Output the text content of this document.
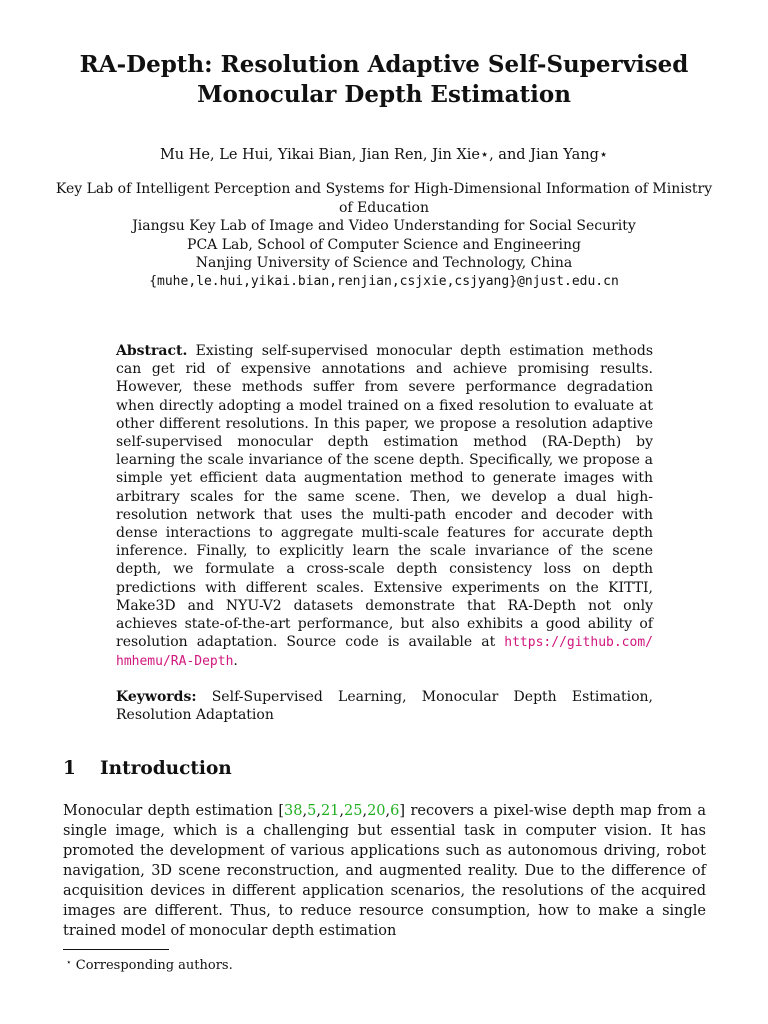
RA-Depth: Resolution Adaptive Self-Supervised
Monocular Depth Estimation
Mu He, Le Hui, Yikai Bian, Jian Ren, Jin Xie⋆, and Jian Yang⋆
Key Lab of Intelligent Perception and Systems for High-Dimensional Information of Ministry of Education
Jiangsu Key Lab of Image and Video Understanding for Social Security
PCA Lab, School of Computer Science and Engineering
Nanjing University of Science and Technology, China
{muhe,le.hui,yikai.bian,renjian,csjxie,csjyang}@njust.edu.cn

Abstract. Existing self-supervised monocular depth estimation methods can get rid of expensive annotations and achieve promising results. However, these methods suffer from severe performance degradation when directly adopting a model trained on a fixed resolution to evaluate at other different resolutions. In this paper, we propose a resolution adaptive self-supervised monocular depth estimation method (RA-Depth) by learning the scale invariance of the scene depth. Specifically, we propose a simple yet efficient data augmentation method to generate images with arbitrary scales for the same scene. Then, we develop a dual high-resolution network that uses the multi-path encoder and decoder with dense interactions to aggregate multi-scale features for accurate depth inference. Finally, to explicitly learn the scale invariance of the scene depth, we formulate a cross-scale depth consistency loss on depth predictions with different scales. Extensive experiments on the KITTI, Make3D and NYU-V2 datasets demonstrate that RA-Depth not only achieves state-of-the-art performance, but also exhibits a good ability of resolution adaptation. Source code is available at https://github.com/ hmhemu/RA-Depth.

Keywords: Self-Supervised Learning, Monocular Depth Estimation, Resolution Adaptation

1 Introduction

Monocular depth estimation [38,5,21,25,20,6] recovers a pixel-wise depth map from a single image, which is a challenging but essential task in computer vision. It has promoted the development of various applications such as autonomous driving, robot navigation, 3D scene reconstruction, and augmented reality. Due to the difference of acquisition devices in different application scenarios, the resolutions of the acquired images are different. Thus, to reduce resource consumption, how to make a single trained model of monocular depth estimation

⋆ Corresponding authors.
